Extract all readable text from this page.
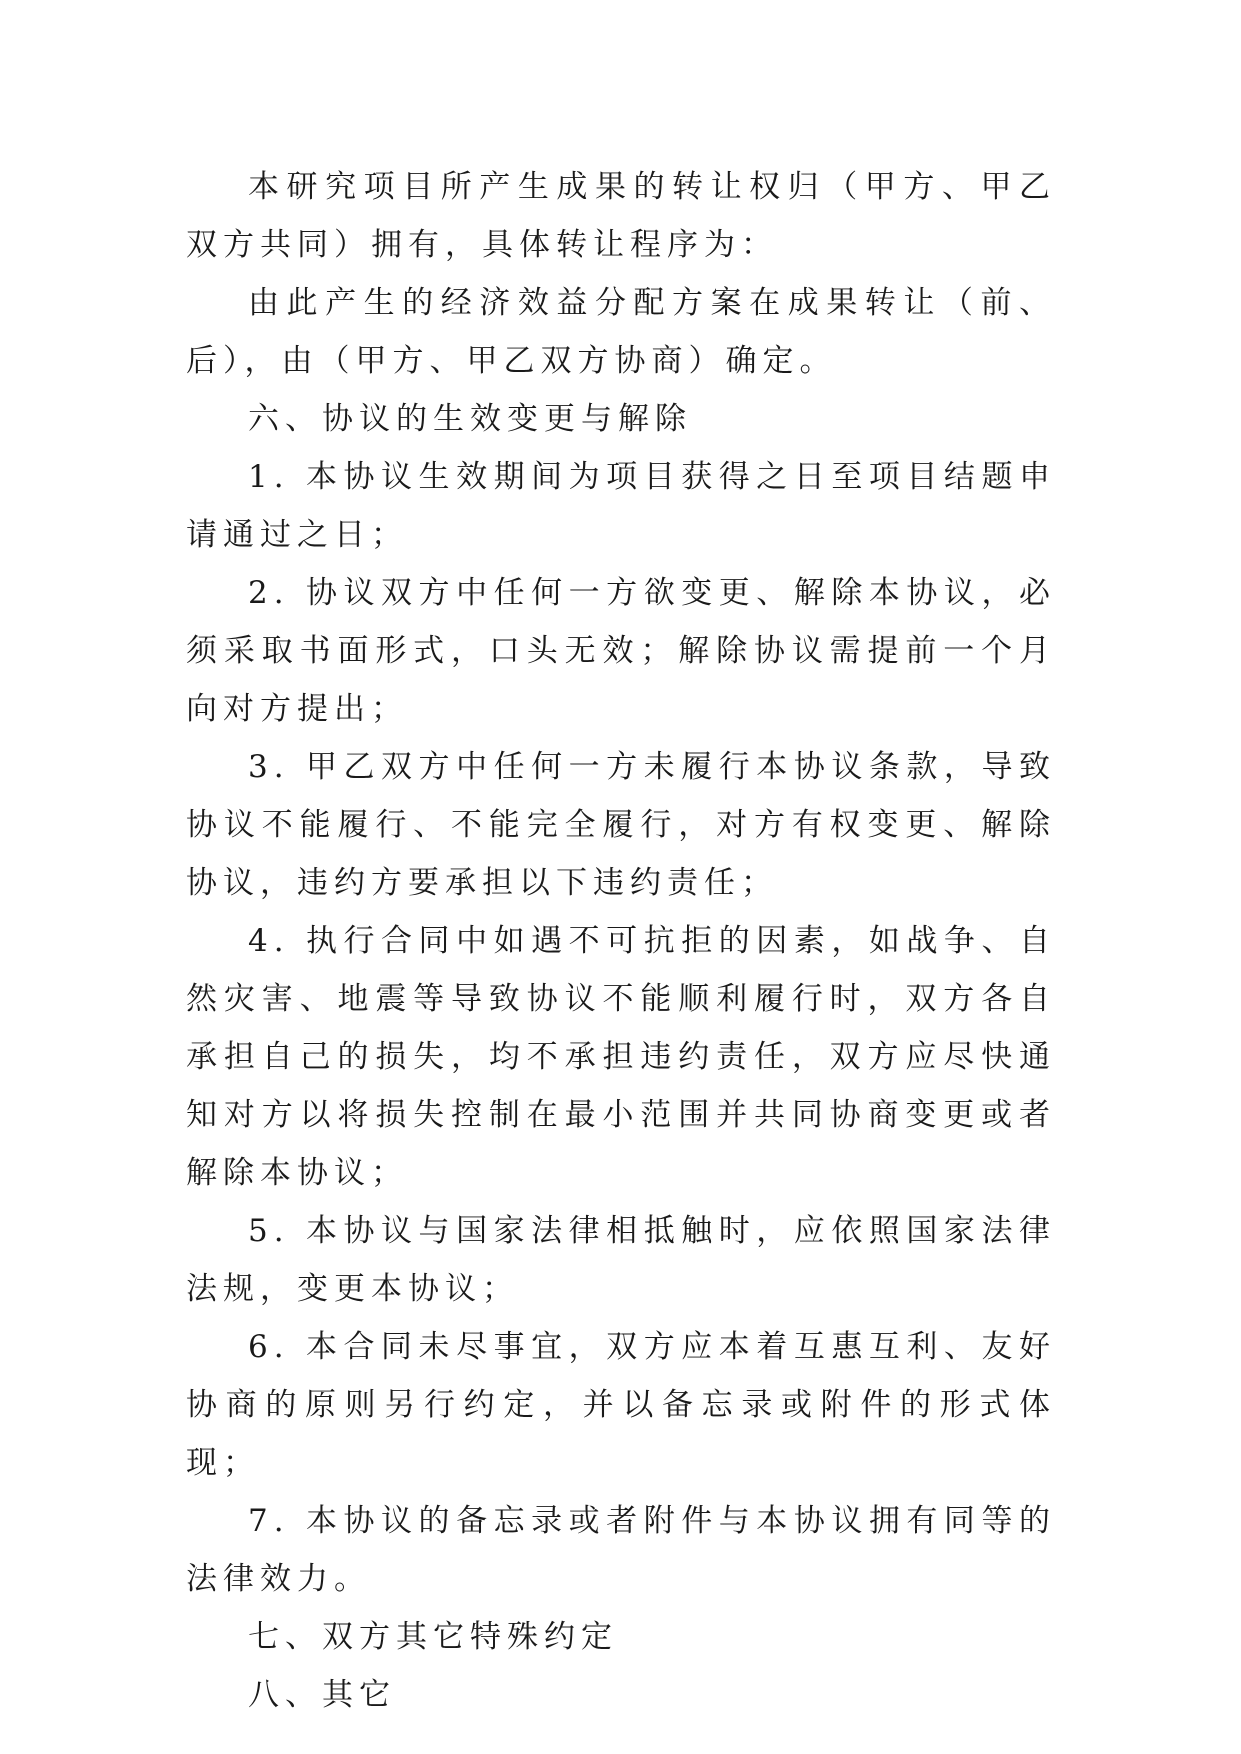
本研究项目所产生成果的转让权归（甲方、甲乙双方共同）拥有，具体转让程序为：

由此产生的经济效益分配方案在成果转让（前、后），由（甲方、甲乙双方协商）确定。

六、协议的生效变更与解除

1. 本协议生效期间为项目获得之日至项目结题申请通过之日；

2. 协议双方中任何一方欲变更、解除本协议，必须采取书面形式，口头无效；解除协议需提前一个月向对方提出；

3. 甲乙双方中任何一方未履行本协议条款，导致协议不能履行、不能完全履行，对方有权变更、解除协议，违约方要承担以下违约责任；

4. 执行合同中如遇不可抗拒的因素，如战争、自然灾害、地震等导致协议不能顺利履行时，双方各自承担自己的损失，均不承担违约责任，双方应尽快通知对方以将损失控制在最小范围并共同协商变更或者解除本协议；

5. 本协议与国家法律相抵触时，应依照国家法律法规，变更本协议；

6. 本合同未尽事宜，双方应本着互惠互利、友好协商的原则另行约定，并以备忘录或附件的形式体现；

7. 本协议的备忘录或者附件与本协议拥有同等的法律效力。

七、双方其它特殊约定

八、其它
